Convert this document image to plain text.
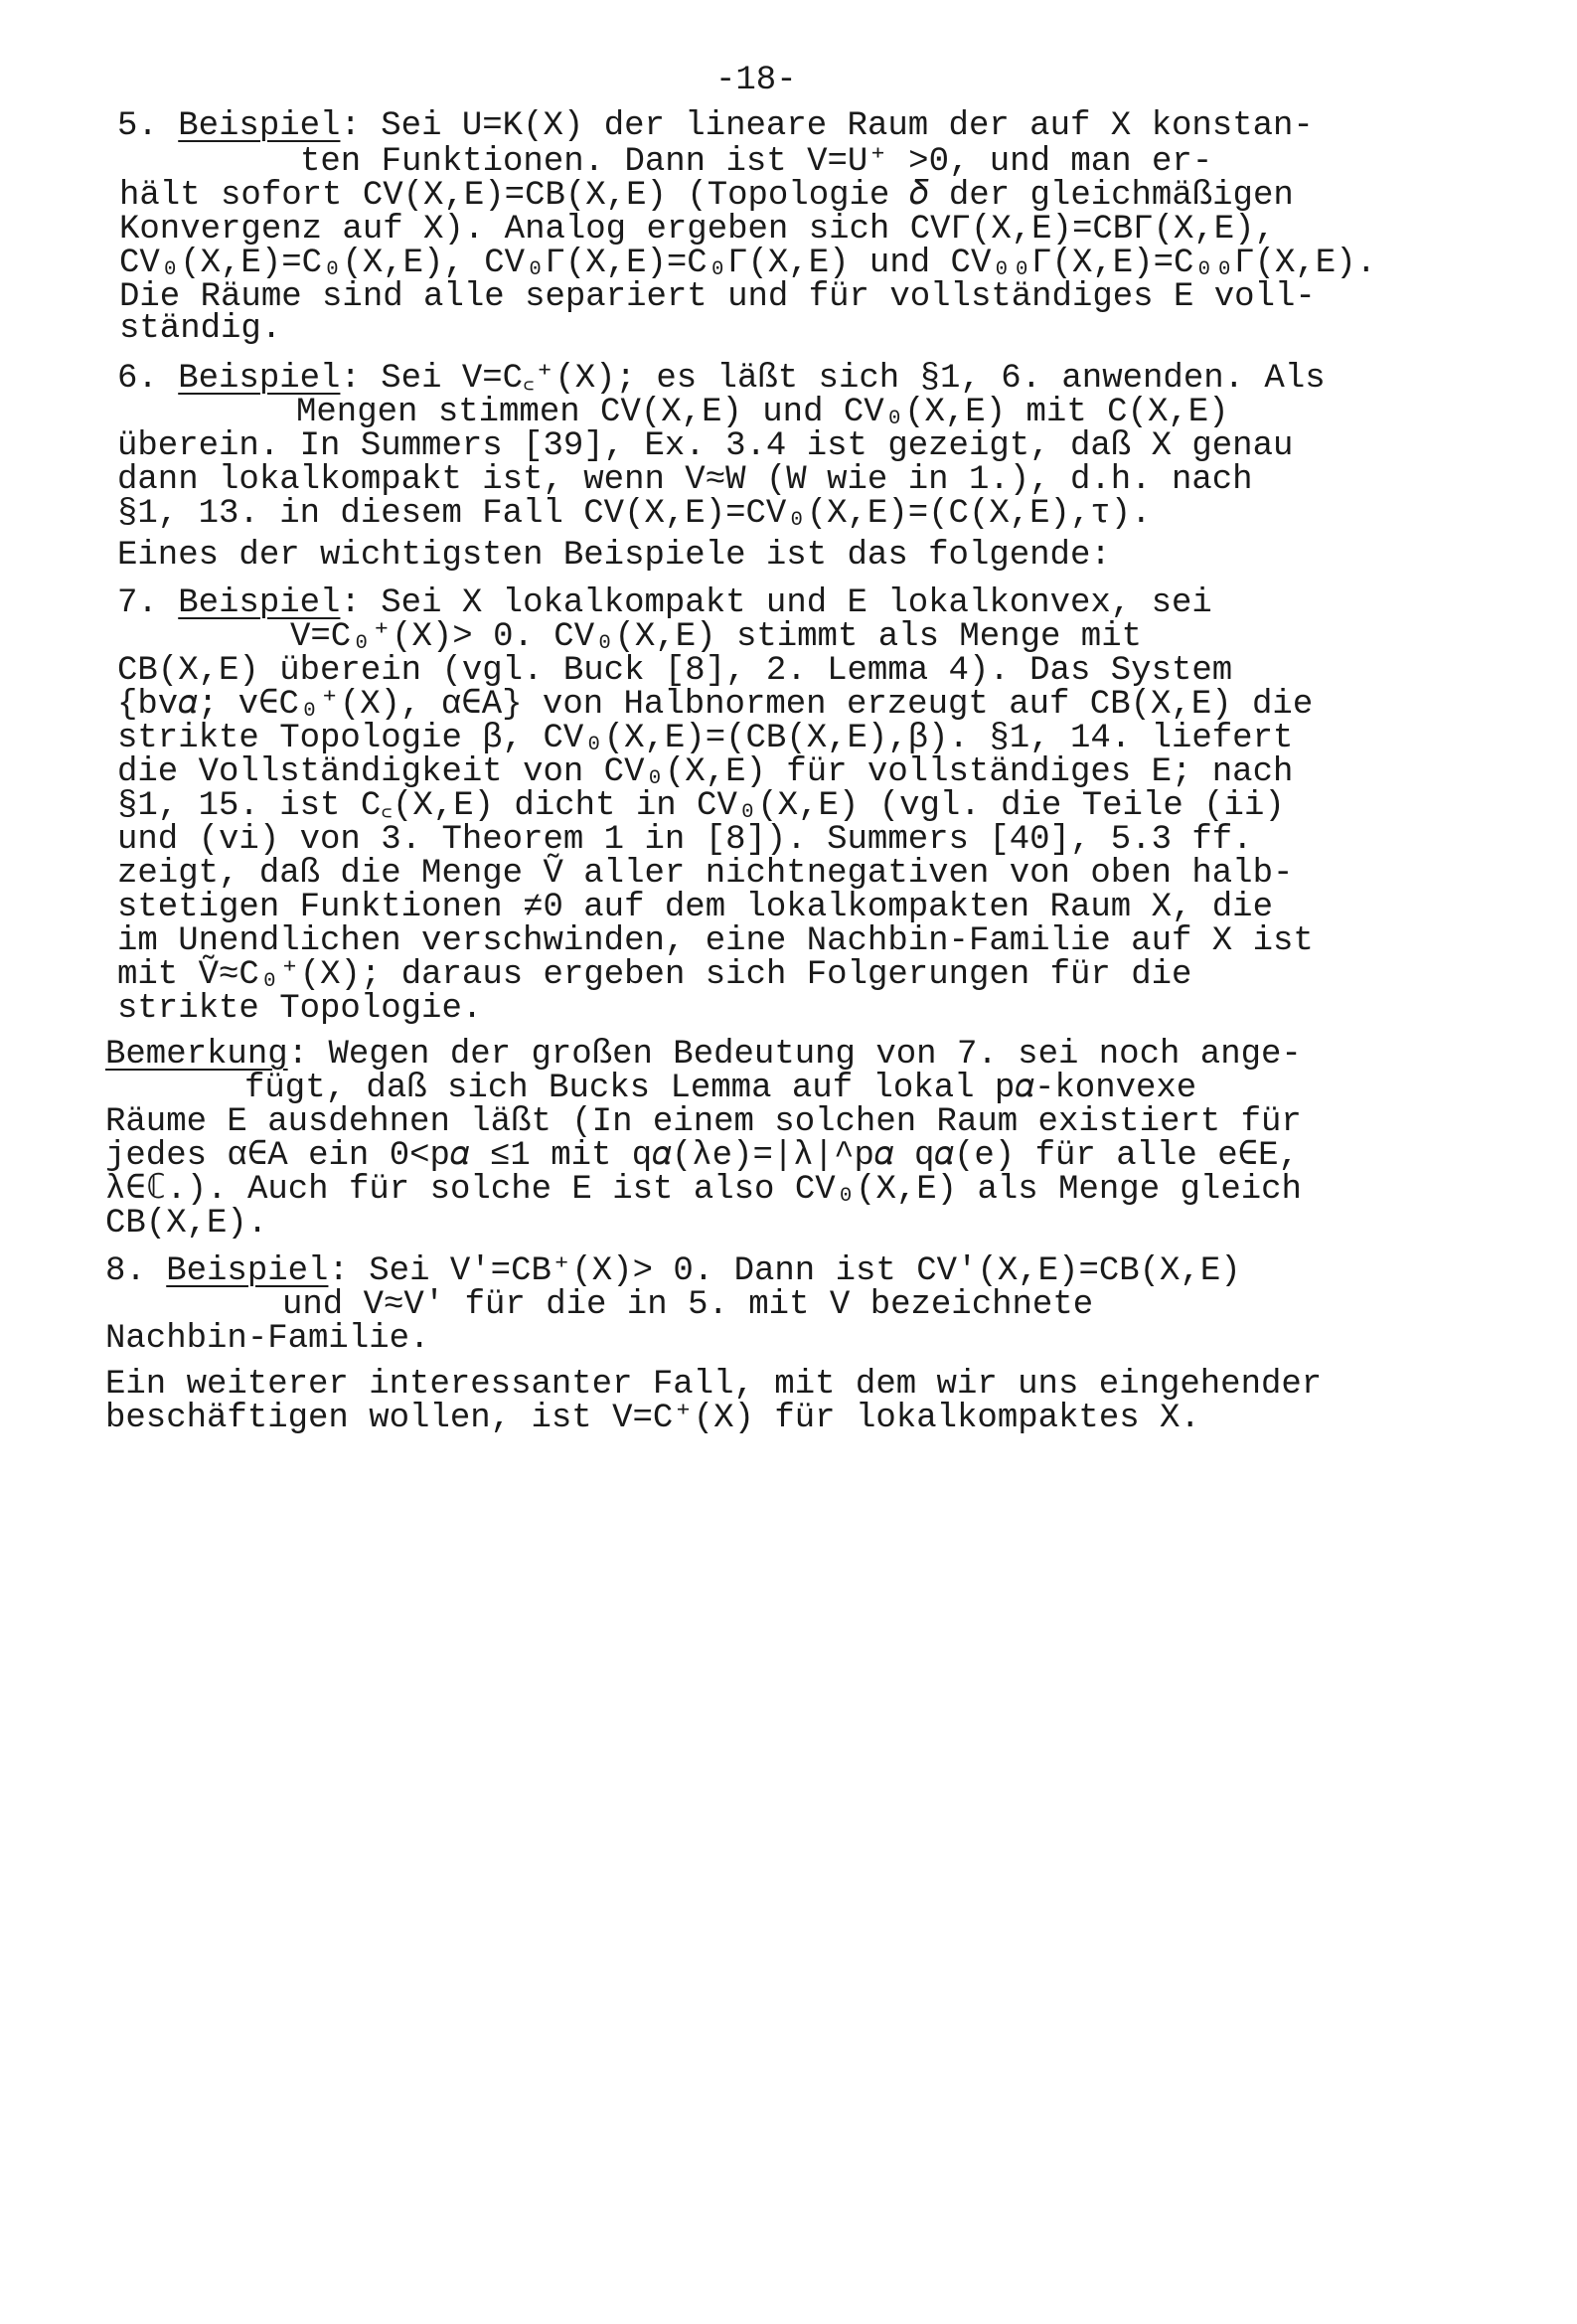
-18-
5. Beispiel: Sei U=K(X) der lineare Raum der auf X konstan-
ten Funktionen. Dann ist V=U⁺ >0, und man er-
hält sofort CV(X,E)=CB(X,E) (Topologie 𝛿 der gleichmäßigen
Konvergenz auf X). Analog ergeben sich CVΓ(X,E)=CBΓ(X,E),
CV₀(X,E)=C₀(X,E), CV₀Γ(X,E)=C₀Γ(X,E) und CV₀₀Γ(X,E)=C₀₀Γ(X,E).
Die Räume sind alle separiert und für vollständiges E voll-
ständig.
6. Beispiel: Sei V=C꜀⁺(X); es läßt sich §1, 6. anwenden. Als
Mengen stimmen CV(X,E) und CV₀(X,E) mit C(X,E)
überein. In Summers [39], Ex. 3.4 ist gezeigt, daß X genau
dann lokalkompakt ist, wenn V≈W (W wie in 1.), d.h. nach
§1, 13. in diesem Fall CV(X,E)=CV₀(X,E)=(C(X,E),τ).
Eines der wichtigsten Beispiele ist das folgende:
7. Beispiel: Sei X lokalkompakt und E lokalkonvex, sei
V=C₀⁺(X)> 0. CV₀(X,E) stimmt als Menge mit
CB(X,E) überein (vgl. Buck [8], 2. Lemma 4). Das System
{bv𝛼; v∈C₀⁺(X), α∈A} von Halbnormen erzeugt auf CB(X,E) die
strikte Topologie β, CV₀(X,E)=(CB(X,E),β). §1, 14. liefert
die Vollständigkeit von CV₀(X,E) für vollständiges E; nach
§1, 15. ist C꜀(X,E) dicht in CV₀(X,E) (vgl. die Teile (ii)
und (vi) von 3. Theorem 1 in [8]). Summers [40], 5.3 ff.
zeigt, daß die Menge Ṽ aller nichtnegativen von oben halb-
stetigen Funktionen ≠0 auf dem lokalkompakten Raum X, die
im Unendlichen verschwinden, eine Nachbin-Familie auf X ist
mit Ṽ≈C₀⁺(X); daraus ergeben sich Folgerungen für die
strikte Topologie.
Bemerkung: Wegen der großen Bedeutung von 7. sei noch ange-
fügt, daß sich Bucks Lemma auf lokal p𝛼-konvexe
Räume E ausdehnen läßt (In einem solchen Raum existiert für
jedes α∈A ein 0<p𝛼 ≤1 mit q𝛼(λe)=|λ|^p𝛼 q𝛼(e) für alle e∈E,
λ∈ℂ.). Auch für solche E ist also CV₀(X,E) als Menge gleich
CB(X,E).
8. Beispiel: Sei V'=CB⁺(X)> 0. Dann ist CV'(X,E)=CB(X,E)
und V≈V' für die in 5. mit V bezeichnete
Nachbin-Familie.
Ein weiterer interessanter Fall, mit dem wir uns eingehender
beschäftigen wollen, ist V=C⁺(X) für lokalkompaktes X.
